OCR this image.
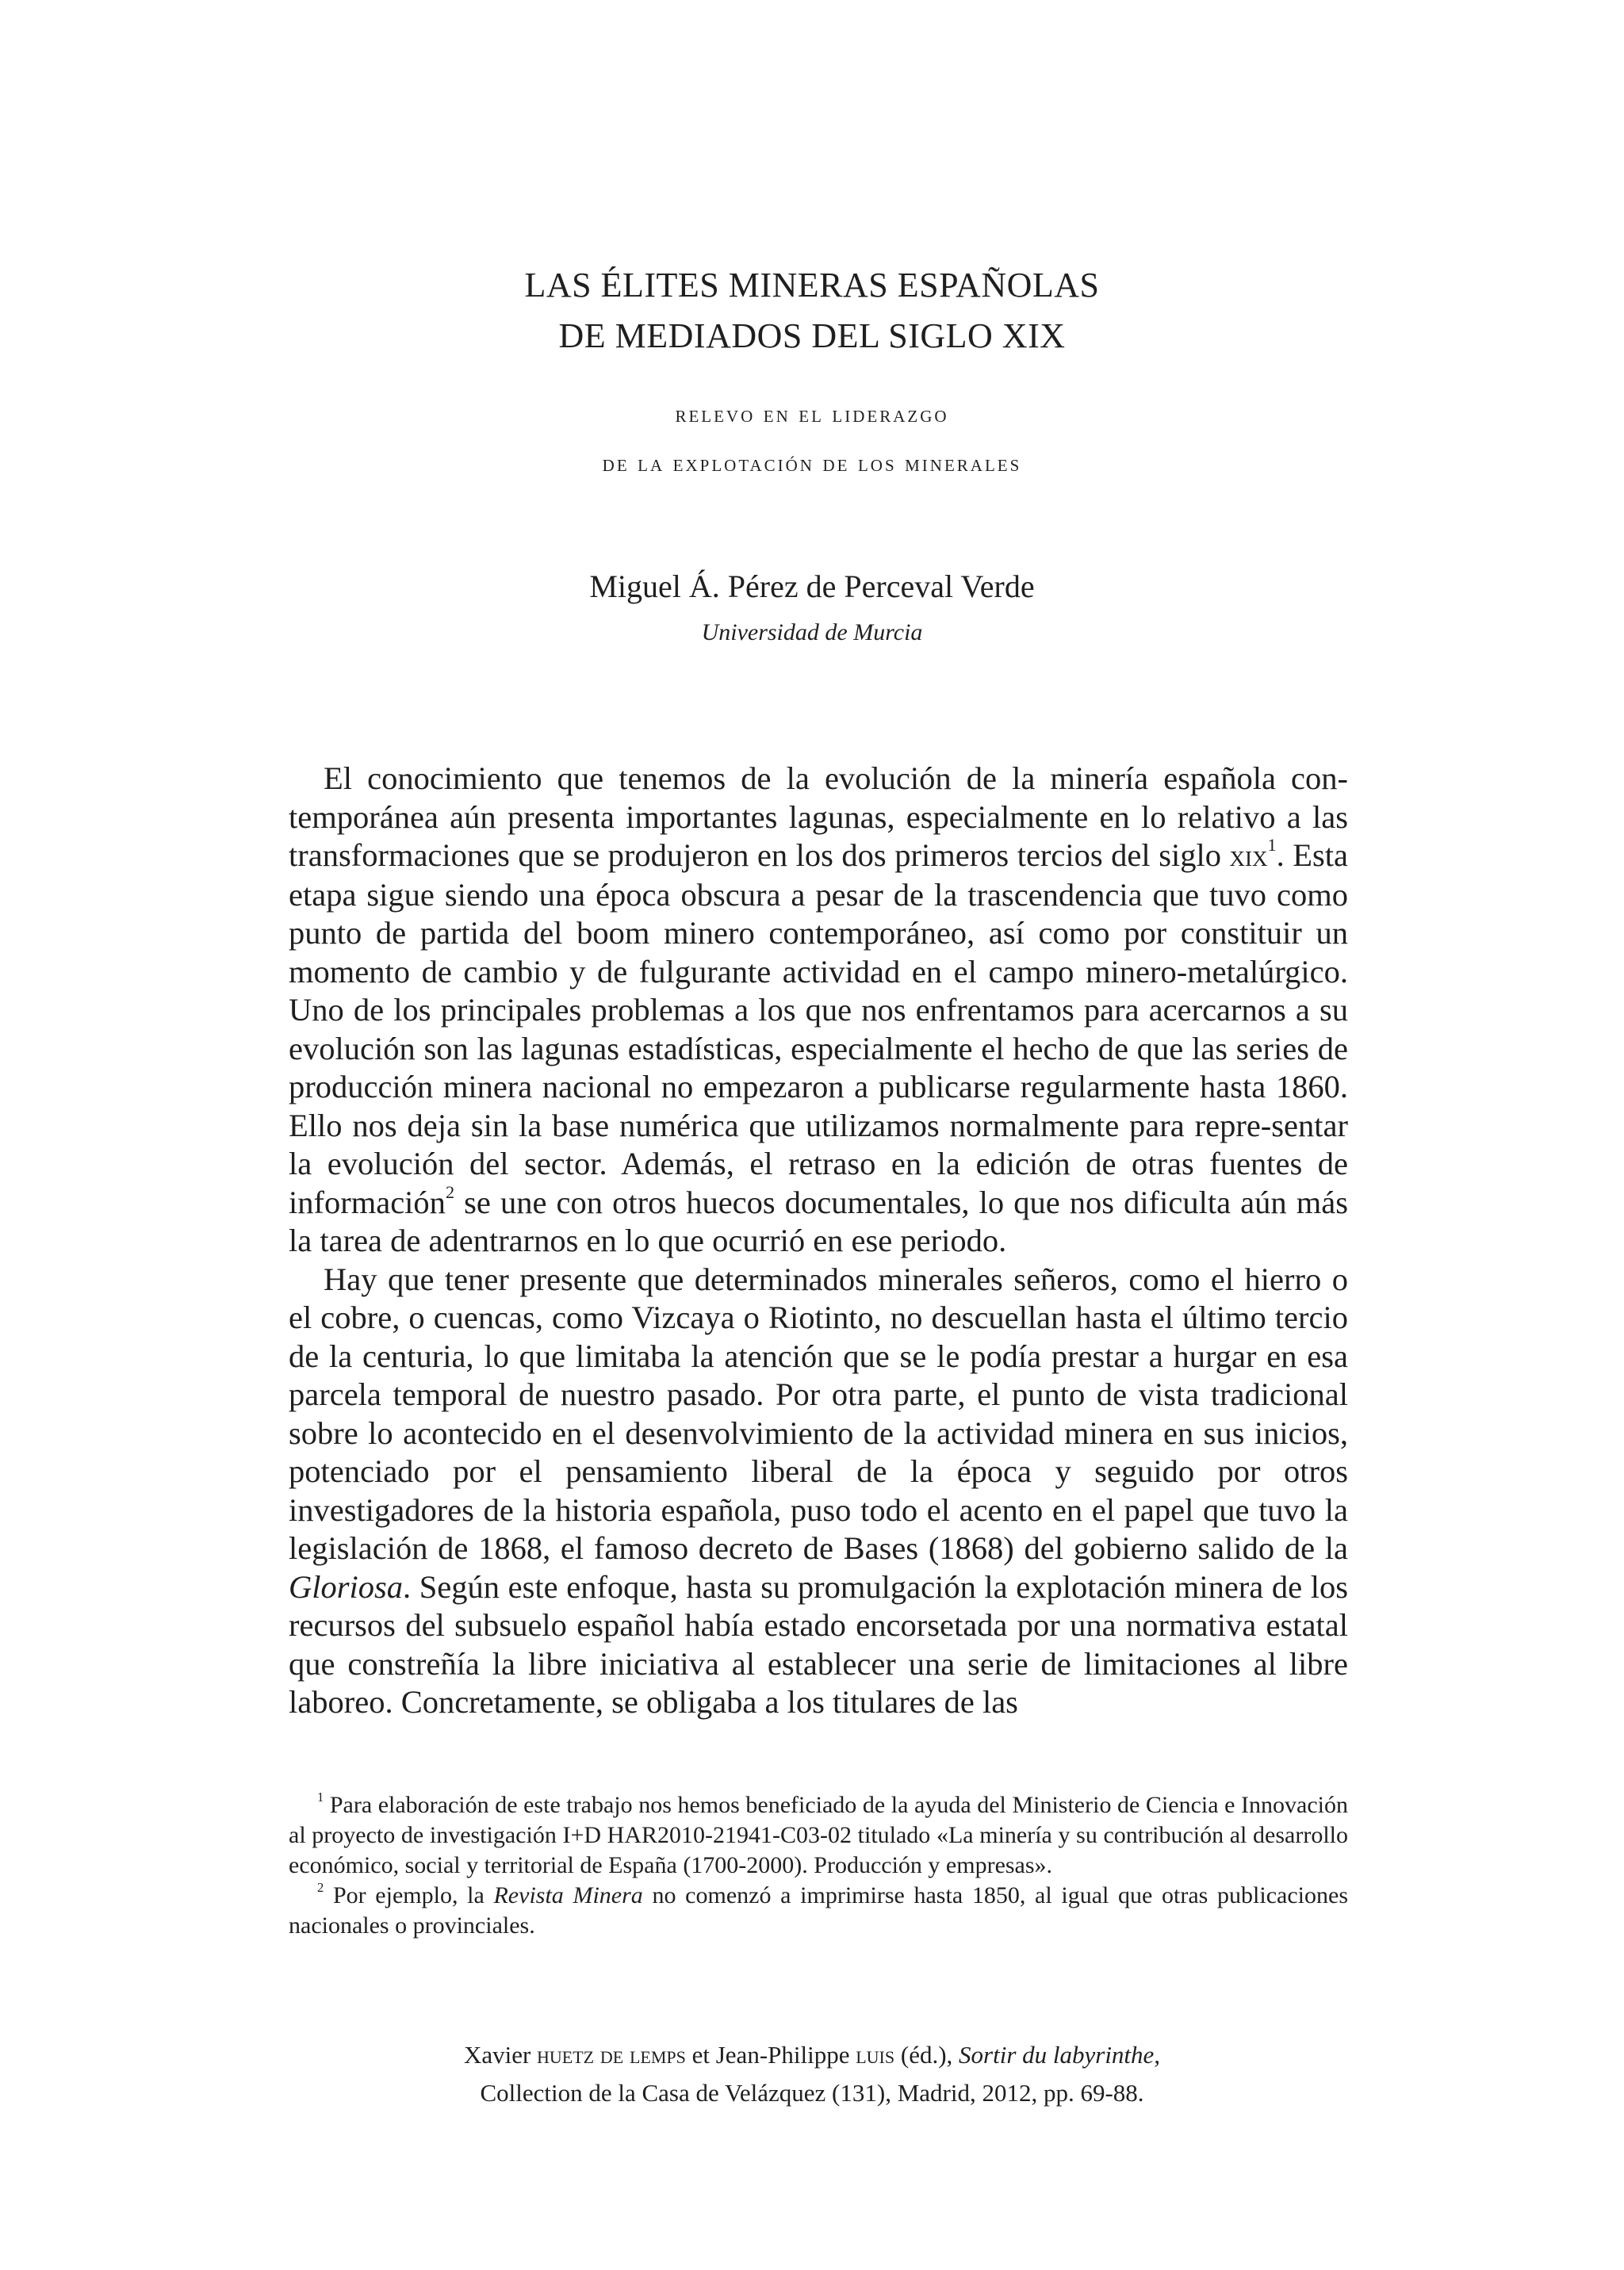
LAS ÉLITES MINERAS ESPAÑOLAS
DE MEDIADOS DEL SIGLO XIX
relevo en el liderazgo
de la explotación de los minerales
Miguel Á. Pérez de Perceval Verde
Universidad de Murcia

El conocimiento que tenemos de la evolución de la minería española con-temporánea aún presenta importantes lagunas, especialmente en lo relativo a las transformaciones que se produjeron en los dos primeros tercios del siglo xix$^1$. Esta etapa sigue siendo una época obscura a pesar de la trascendencia que tuvo como punto de partida del boom minero contemporáneo, así como por constituir un momento de cambio y de fulgurante actividad en el campo minero-metalúrgico. Uno de los principales problemas a los que nos enfrentamos para acercarnos a su evolución son las lagunas estadísticas, especialmente el hecho de que las series de producción minera nacional no empezaron a publicarse regularmente hasta 1860. Ello nos deja sin la base numérica que utilizamos normalmente para repre-sentar la evolución del sector. Además, el retraso en la edición de otras fuentes de información$^2$ se une con otros huecos documentales, lo que nos dificulta aún más la tarea de adentrarnos en lo que ocurrió en ese periodo.

Hay que tener presente que determinados minerales señeros, como el hierro o el cobre, o cuencas, como Vizcaya o Riotinto, no descuellan hasta el último tercio de la centuria, lo que limitaba la atención que se le podía prestar a hurgar en esa parcela temporal de nuestro pasado. Por otra parte, el punto de vista tradicional sobre lo acontecido en el desenvolvimiento de la actividad minera en sus inicios, potenciado por el pensamiento liberal de la época y seguido por otros investigadores de la historia española, puso todo el acento en el papel que tuvo la legislación de 1868, el famoso decreto de Bases (1868) del gobierno salido de la Gloriosa. Según este enfoque, hasta su promulgación la explotación minera de los recursos del subsuelo español había estado encorsetada por una normativa estatal que constreñía la libre iniciativa al establecer una serie de limitaciones al libre laboreo. Concretamente, se obligaba a los titulares de las

$^1$ Para elaboración de este trabajo nos hemos beneficiado de la ayuda del Ministerio de Ciencia e Innovación al proyecto de investigación I+D HAR2010-21941-C03-02 titulado «La minería y su contribución al desarrollo económico, social y territorial de España (1700-2000). Producción y empresas».

$^2$ Por ejemplo, la Revista Minera no comenzó a imprimirse hasta 1850, al igual que otras publicaciones nacionales o provinciales.

Xavier huetz de lemps et Jean-Philippe luis (éd.), Sortir du labyrinthe,
Collection de la Casa de Velázquez (131), Madrid, 2012, pp. 69-88.
